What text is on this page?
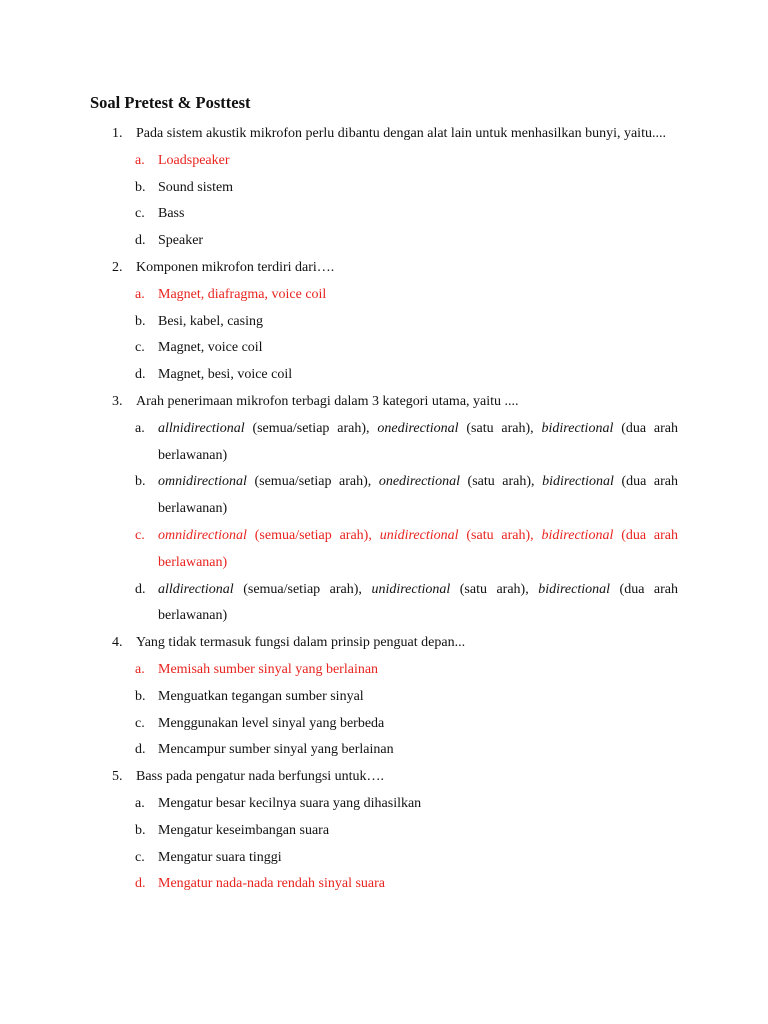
Soal Pretest & Posttest
1. Pada sistem akustik mikrofon perlu dibantu dengan alat lain untuk menhasilkan bunyi, yaitu....
a. Loadspeaker
b. Sound sistem
c. Bass
d. Speaker
2. Komponen mikrofon terdiri dari….
a. Magnet, diafragma, voice coil
b. Besi, kabel, casing
c. Magnet, voice coil
d. Magnet, besi, voice coil
3. Arah penerimaan mikrofon terbagi dalam 3 kategori utama, yaitu ....
a. allnidirectional (semua/setiap arah), onedirectional (satu arah), bidirectional (dua arah berlawanan)
b. omnidirectional (semua/setiap arah), onedirectional (satu arah), bidirectional (dua arah berlawanan)
c. omnidirectional (semua/setiap arah), unidirectional (satu arah), bidirectional (dua arah berlawanan)
d. alldirectional (semua/setiap arah), unidirectional (satu arah), bidirectional (dua arah berlawanan)
4. Yang tidak termasuk fungsi dalam prinsip penguat depan...
a. Memisah sumber sinyal yang berlainan
b. Menguatkan tegangan sumber sinyal
c. Menggunakan level sinyal yang berbeda
d. Mencampur sumber sinyal yang berlainan
5. Bass pada pengatur nada berfungsi untuk….
a. Mengatur besar kecilnya suara yang dihasilkan
b. Mengatur keseimbangan suara
c. Mengatur suara tinggi
d. Mengatur nada-nada rendah sinyal suara
